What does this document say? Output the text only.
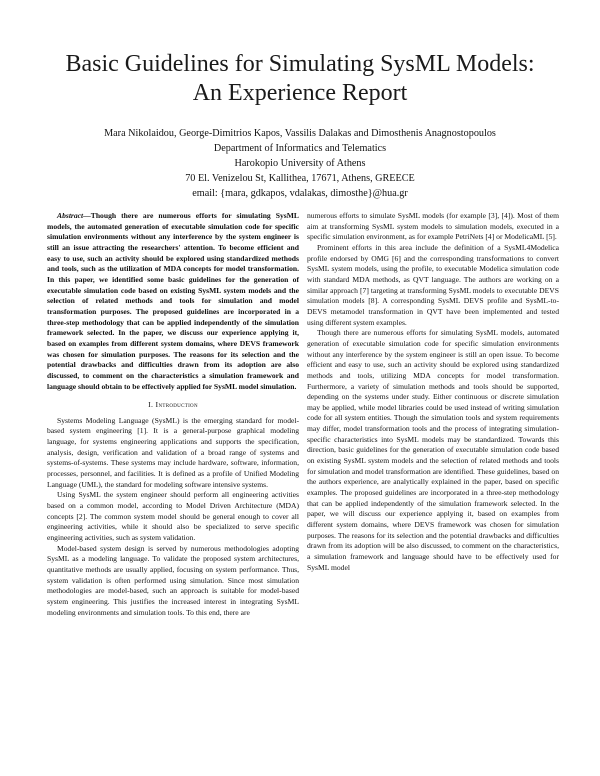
Basic Guidelines for Simulating SysML Models:
An Experience Report
Mara Nikolaidou, George-Dimitrios Kapos, Vassilis Dalakas and Dimosthenis Anagnostopoulos
Department of Informatics and Telematics
Harokopio University of Athens
70 El. Venizelou St, Kallithea, 17671, Athens, GREECE
email: {mara, gdkapos, vdalakas, dimosthe}@hua.gr

Abstract—Though there are numerous efforts for simulating SysML models, the automated generation of executable simulation code for specific simulation environments without any interference by the system engineer is still an issue attracting the researchers' attention. To become efficient and easy to use, such an activity should be explored using standardized methods and tools, such as the utilization of MDA concepts for model transformation. In this paper, we identified some basic guidelines for the generation of executable simulation code based on existing SysML system models and the selection of related methods and tools for simulation and model transformation purposes. The proposed guidelines are incorporated in a three-step methodology that can be applied independently of the simulation framework selected. In the paper, we discuss our experience applying it, based on examples from different system domains, where DEVS framework was chosen for simulation purposes. The reasons for its selection and the potential drawbacks and difficulties drawn from its adoption are also discussed, to comment on the characteristics a simulation framework and language should obtain to be effectively applied for SysML model simulation.

I. Introduction

Systems Modeling Language (SysML) is the emerging standard for model-based system engineering [1]. It is a general-purpose graphical modeling language, for systems engineering applications and supports the specification, analysis, design, verification and validation of a broad range of systems and systems-of-systems. These systems may include hardware, software, information, processes, personnel, and facilities. It is defined as a profile of Unified Modeling Language (UML), the standard for modeling software intensive systems.

Using SysML the system engineer should perform all engineering activities based on a common model, according to Model Driven Architecture (MDA) concepts [2]. The common system model should be general enough to cover all engineering activities, while it should also be specialized to serve specific engineering activities, such as system validation.

Model-based system design is served by numerous methodologies adopting SysML as a modeling language. To validate the proposed system architectures, quantitative methods are usually applied, focusing on system performance. Thus, system validation is often performed using simulation. Since most simulation methodologies are model-based, such an approach is suitable for model-based system engineering. This justifies the increased interest in integrating SysML modeling environments and simulation tools. To this end, there are

numerous efforts to simulate SysML models (for example [3], [4]). Most of them aim at transforming SysML system models to simulation models, executed in a specific simulation environment, as for example PetriNets [4] or ModelicaML [5].

Prominent efforts in this area include the definition of a SysML4Modelica profile endorsed by OMG [6] and the corresponding transformations to convert SysML system models, using the profile, to executable Modelica simulation code with standard MDA methods, as QVT language. The authors are working on a similar approach [7] targeting at transforming SysML models to executable DEVS simulation models [8]. A corresponding SysML DEVS profile and SysML-to-DEVS metamodel transformation in QVT have been implemented and tested using different system examples.

Though there are numerous efforts for simulating SysML models, automated generation of executable simulation code for specific simulation environments without any interference by the system engineer is still an open issue. To become efficient and easy to use, such an activity should be explored using standardized methods and tools, utilizing MDA concepts for model transformation. Furthermore, a variety of simulation methods and tools should be supported, depending on the systems under study. Either continuous or discrete simulation may be applied, while model libraries could be used instead of writing simulation code for all system entities. Though the simulation tools and system requirements may differ, model transformation tools and the process of integrating simulation-specific characteristics into SysML models may be standardized. Towards this direction, basic guidelines for the generation of executable simulation code based on existing SysML system models and the selection of related methods and tools for simulation and model transformation are identified. These guidelines, based on the authors experience, are analytically explained in the paper, based on specific examples. The proposed guidelines are incorporated in a three-step methodology that can be applied independently of the simulation framework selected. In the paper, we will discuss our experience applying it, based on examples from different system domains, where DEVS framework was chosen for simulation purposes. The reasons for its selection and the potential drawbacks and difficulties drawn from its adoption will be also discussed, to comment on the characteristics, a simulation framework and language should have to be effectively used for SysML model
